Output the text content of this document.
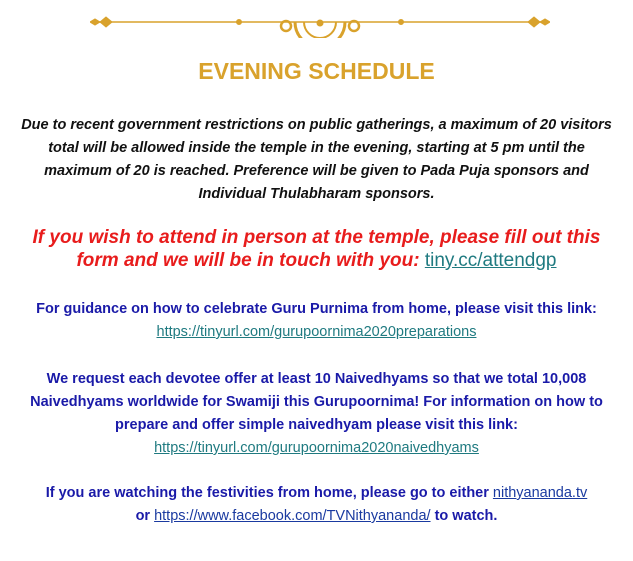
EVENING SCHEDULE

Due to recent government restrictions on public gatherings, a maximum of 20 visitors total will be allowed inside the temple in the evening, starting at 5 pm until the maximum of 20 is reached. Preference will be given to Pada Puja sponsors and Individual Thulabharam sponsors.

If you wish to attend in person at the temple, please fill out this form and we will be in touch with you: tiny.cc/attendgp

For guidance on how to celebrate Guru Purnima from home, please visit this link: https://tinyurl.com/gurupoornima2020preparations

We request each devotee offer at least 10 Naivedhyams so that we total 10,008 Naivedhyams worldwide for Swamiji this Gurupoornima! For information on how to prepare and offer simple naivedhyam please visit this link:
https://tinyurl.com/gurupoornima2020naivedhyams

If you are watching the festivities from home, please go to either nithyananda.tv
or https://www.facebook.com/TVNithyananda/ to watch.
